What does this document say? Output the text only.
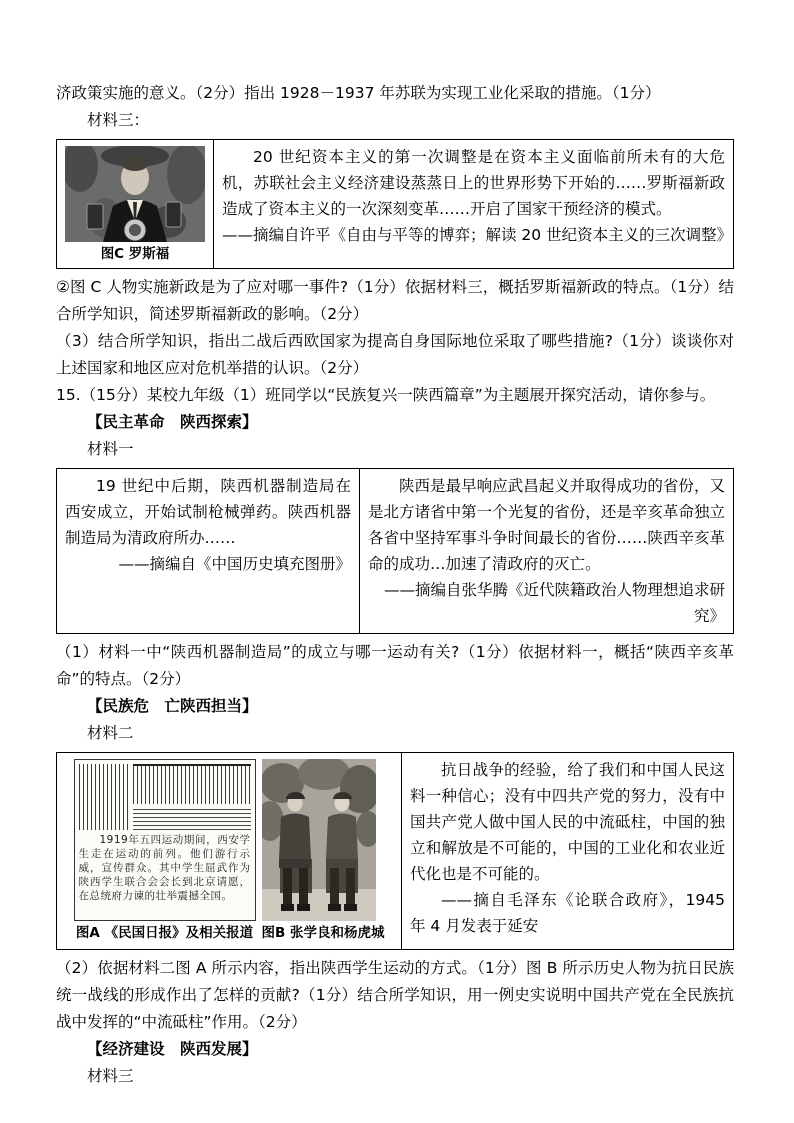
济政策实施的意义。（2分）指出 1928－1937 年苏联为实现工业化采取的措施。（1分）

材料三：

图C 罗斯福

20 世纪资本主义的第一次调整是在资本主义面临前所未有的大危机，苏联社会主义经济建设蒸蒸日上的世界形势下开始的……罗斯福新政造成了资本主义的一次深刻变革……开启了国家干预经济的模式。

——摘编自许平《自由与平等的博弈；解读 20 世纪资本主义的三次调整》

②图 C 人物实施新政是为了应对哪一事件?（1分）依据材料三，概括罗斯福新政的特点。（1分）结合所学知识，简述罗斯福新政的影响。（2分）

（3）结合所学知识，指出二战后西欧国家为提高自身国际地位采取了哪些措施?（1分）谈谈你对上述国家和地区应对危机举措的认识。（2分）

15.（15分）某校九年级（1）班同学以“民族复兴一陕西篇章”为主题展开探究活动，请你参与。

【民主革命　陕西探索】

材料一

19 世纪中后期，陕西机器制造局在西安成立，开始试制枪械弹药。陕西机器制造局为清政府所办……

——摘编自《中国历史填充图册》

陕西是最早响应武昌起义并取得成功的省份，又是北方诸省中第一个光复的省份，还是辛亥革命独立各省中坚持军事斗争时间最长的省份……陕西辛亥革命的成功…加速了清政府的灭亡。

——摘编自张华腾《近代陕籍政治人物理想追求研究》

（1）材料一中“陕西机器制造局”的成立与哪一运动有关?（1分）依据材料一，概括“陕西辛亥革命”的特点。（2分）

【民族危　亡陕西担当】

材料二

1919年五四运动期间，西安学生走在运动的前列。他们游行示威，宣传群众。其中学生屈武作为陕西学生联合会会长到北京请愿，在总统府力谏的壮举震撼全国。
图A 《民国日报》及相关报道 图B 张学良和杨虎城

抗日战争的经验，给了我们和中国人民这料一种信心；没有中四共产党的努力，没有中国共产党人做中国人民的中流砥柱，中国的独立和解放是不可能的，中国的工业化和农业近代化也是不可能的。

——摘自毛泽东《论联合政府》，1945 年 4 月发表于延安

（2）依据材料二图 A 所示内容，指出陕西学生运动的方式。（1分）图 B 所示历史人物为抗日民族统一战线的形成作出了怎样的贡献?（1分）结合所学知识，用一例史实说明中国共产党在全民族抗战中发挥的“中流砥柱”作用。（2分）

【经济建设　陕西发展】

材料三
